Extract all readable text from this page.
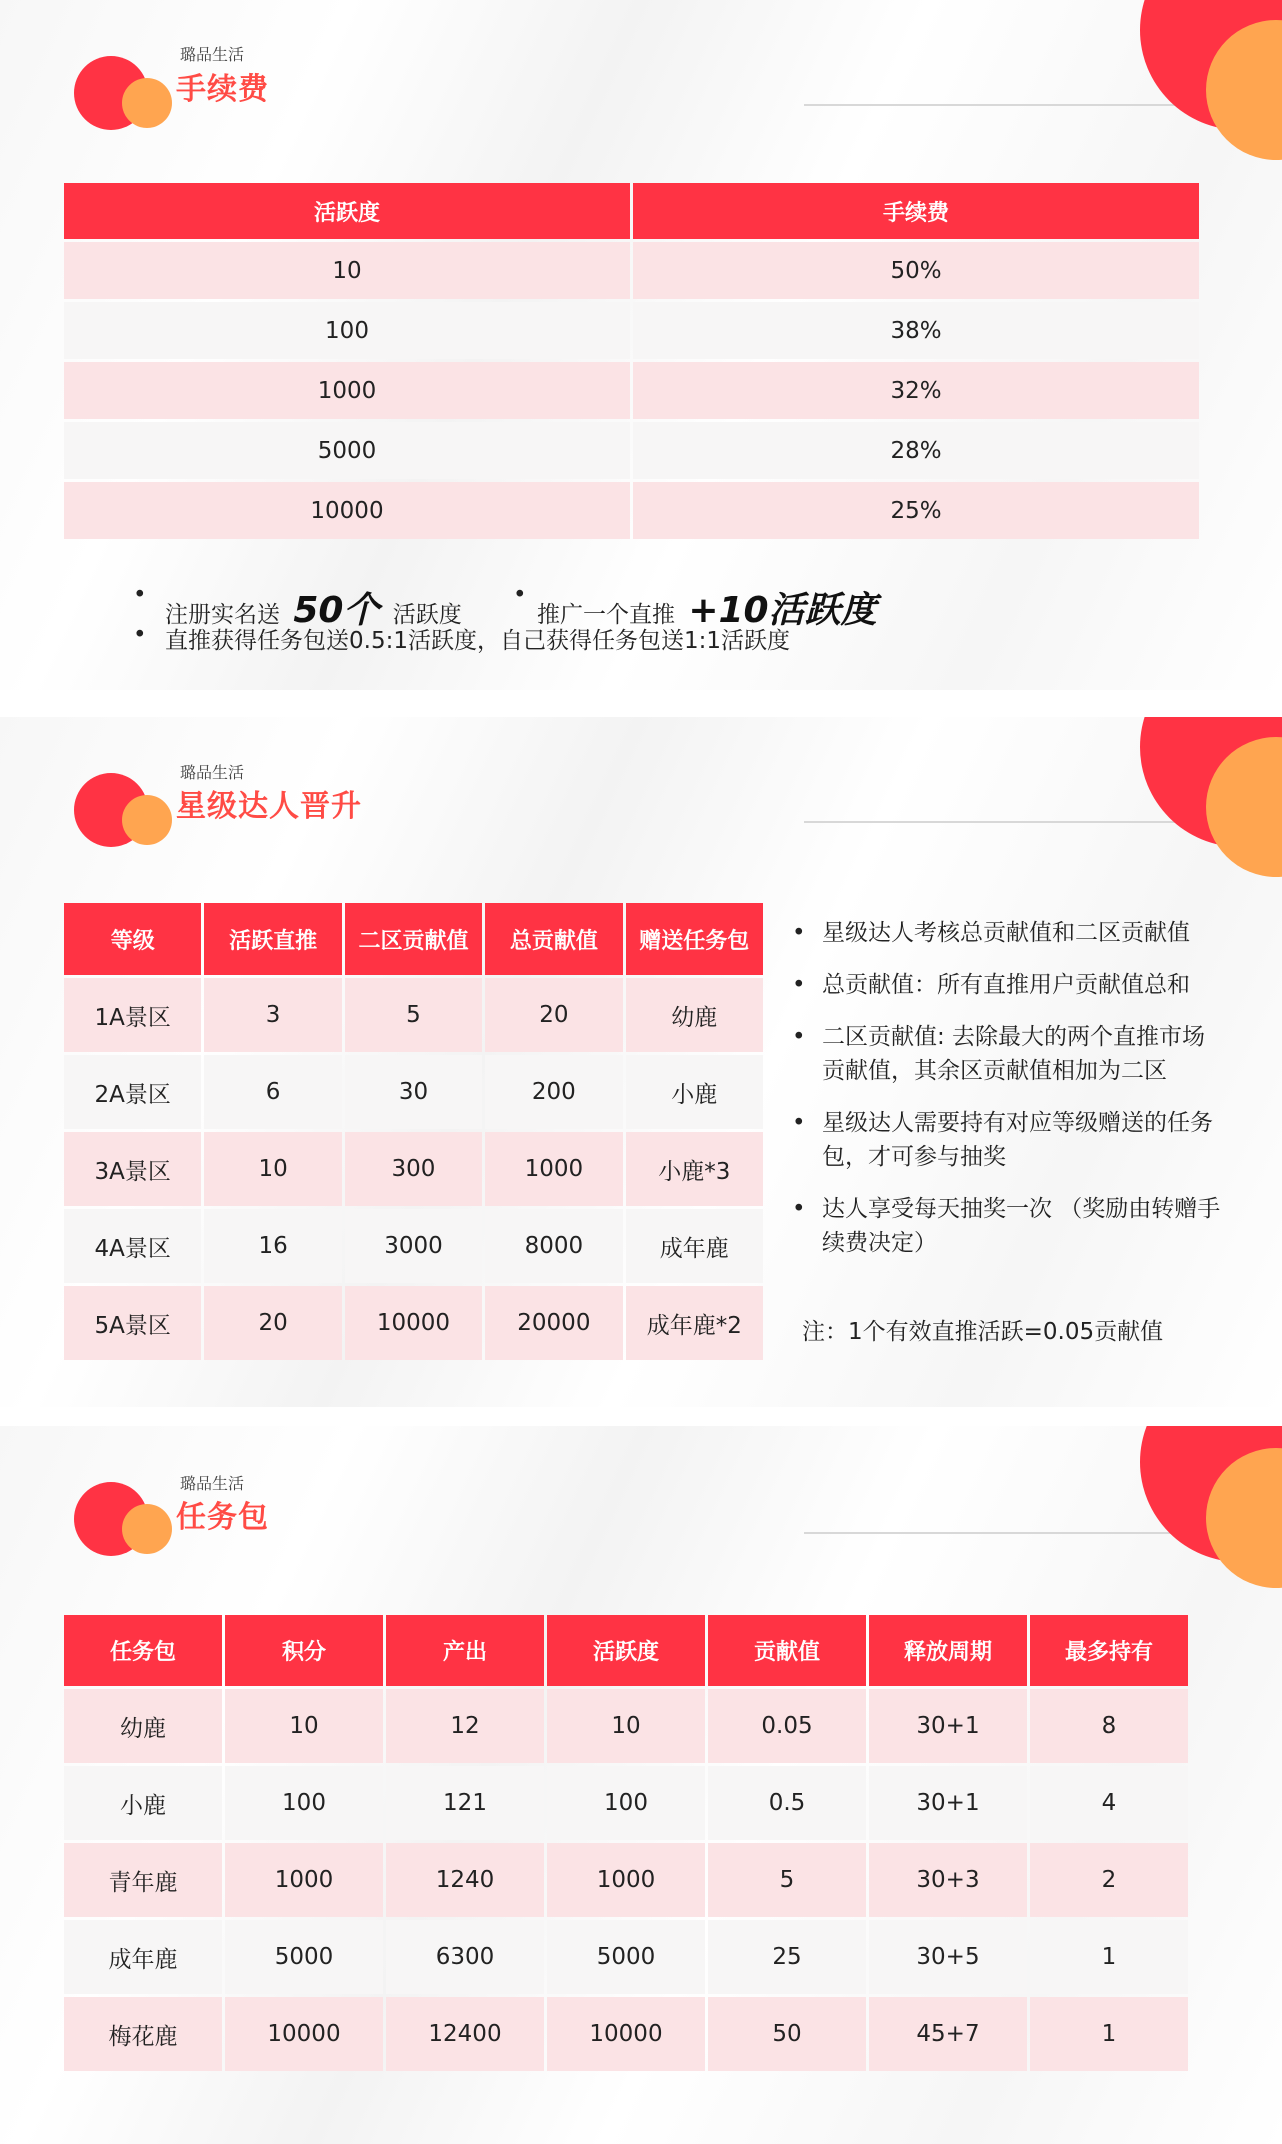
璐品生活
手续费
活跃度	手续费
10	50%
100	38%
1000	32%
5000	28%
10000	25%
•
注册实名送 50个 活跃度
•
推广一个直推 +10活跃度
• 直推获得任务包送0.5:1活跃度，自己获得任务包送1:1活跃度
璐品生活
星级达人晋升
等级	活跃直推	二区贡献值	总贡献值	赠送任务包
1A景区	3	5	20	幼鹿
2A景区	6	30	200	小鹿
3A景区	10	300	1000	小鹿*3
4A景区	16	3000	8000	成年鹿
5A景区	20	10000	20000	成年鹿*2
• 星级达人考核总贡献值和二区贡献值
• 总贡献值：所有直推用户贡献值总和
• 二区贡献值: 去除最大的两个直推市场贡献值，其余区贡献值相加为二区
• 星级达人需要持有对应等级赠送的任务包，才可参与抽奖
• 达人享受每天抽奖一次 （奖励由转赠手续费决定）
注：1个有效直推活跃=0.05贡献值
璐品生活
任务包
任务包	积分	产出	活跃度	贡献值	释放周期	最多持有
幼鹿	10	12	10	0.05	30+1	8
小鹿	100	121	100	0.5	30+1	4
青年鹿	1000	1240	1000	5	30+3	2
成年鹿	5000	6300	5000	25	30+5	1
梅花鹿	10000	12400	10000	50	45+7	1
